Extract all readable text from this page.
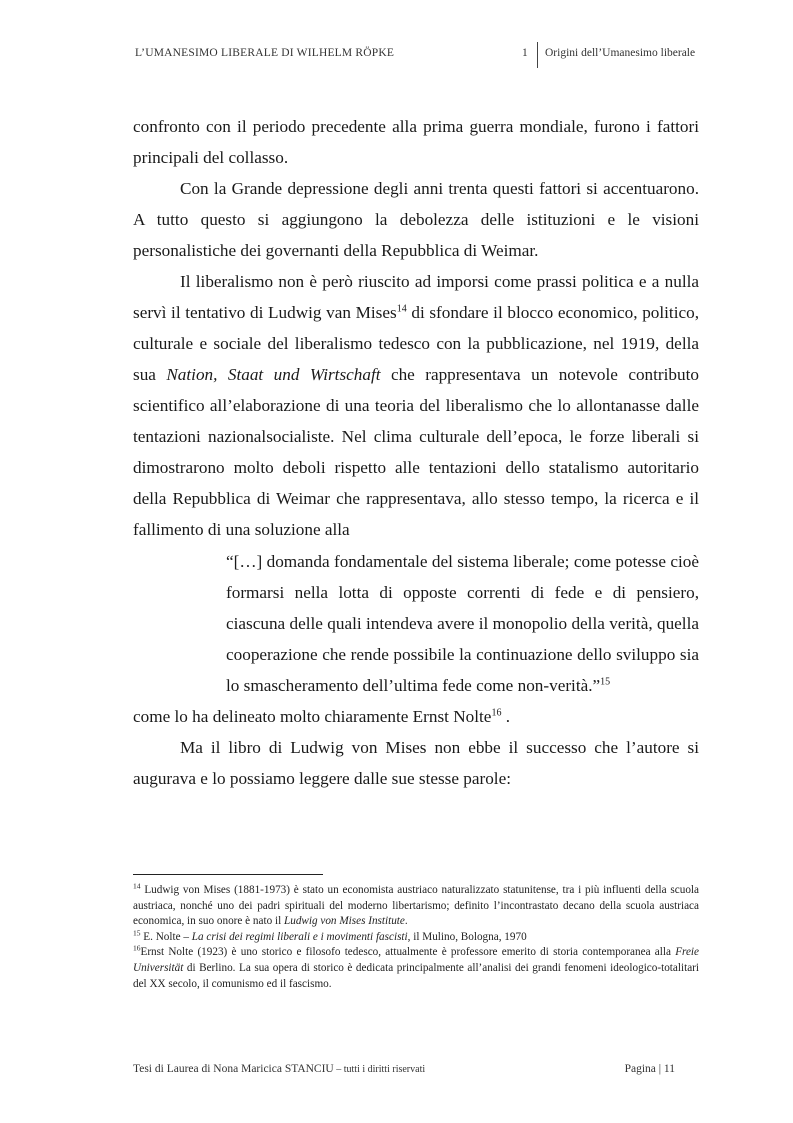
L’UMANESIMO LIBERALE DI WILHELM RÖPKE	1 Origini dell’Umanesimo liberale

confronto con il periodo precedente alla prima guerra mondiale, furono i fattori principali del collasso.

Con la Grande depressione degli anni trenta questi fattori si accentuarono. A tutto questo si aggiungono la debolezza delle istituzioni e le visioni personalistiche dei governanti della Repubblica di Weimar.

Il liberalismo non è però riuscito ad imporsi come prassi politica e a nulla servì il tentativo di Ludwig van Mises$^{14}$ di sfondare il blocco economico, politico, culturale e sociale del liberalismo tedesco con la pubblicazione, nel 1919, della sua Nation, Staat und Wirtschaft che rappresentava un notevole contributo scientifico all’elaborazione di una teoria del liberalismo che lo allontanasse dalle tentazioni nazionalsocialiste. Nel clima culturale dell’epoca, le forze liberali si dimostrarono molto deboli rispetto alle tentazioni dello statalismo autoritario della Repubblica di Weimar che rappresentava, allo stesso tempo, la ricerca e il fallimento di una soluzione alla

“[…] domanda fondamentale del sistema liberale; come potesse cioè formarsi nella lotta di opposte correnti di fede e di pensiero, ciascuna delle quali intendeva avere il monopolio della verità, quella cooperazione che rende possibile la continuazione dello sviluppo sia lo smascheramento dell’ultima fede come non-verità.”$^{15}$

come lo ha delineato molto chiaramente Ernst Nolte$^{16}$ .

Ma il libro di Ludwig von Mises non ebbe il successo che l’autore si augurava e lo possiamo leggere dalle sue stesse parole:

$^{14}$ Ludwig von Mises (1881-1973) è stato un economista austriaco naturalizzato statunitense, tra i più influenti della scuola austriaca, nonché uno dei padri spirituali del moderno libertarismo; definito l’incontrastato decano della scuola austriaca economica, in suo onore è nato il Ludwig von Mises Institute.

$^{15}$ E. Nolte – La crisi dei regimi liberali e i movimenti fascisti, il Mulino, Bologna, 1970

$^{16}$Ernst Nolte (1923) è uno storico e filosofo tedesco, attualmente è professore emerito di storia contemporanea alla Freie Universität di Berlino. La sua opera di storico è dedicata principalmente all’analisi dei grandi fenomeni ideologico-totalitari del XX secolo, il comunismo ed il fascismo.

Tesi di Laurea di Nona Maricica STANCIU – tutti i diritti riservati	Pagina | 11
